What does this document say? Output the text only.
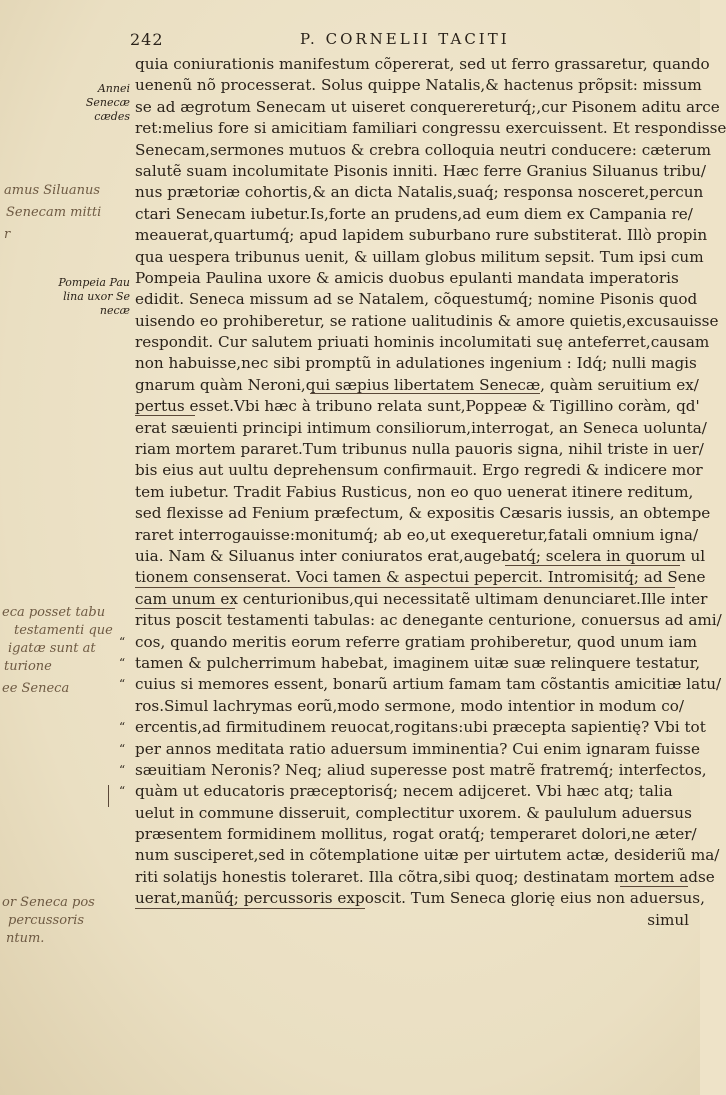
242	P. CORNELII TACITI
Annei Senecæ cædes
Pompeia Pau lina uxor Se necæ
amus Siluanus
Senecam mitti
r
eca posset tabu
testamenti que
igatæ sunt at
turione
ee Seneca
or Seneca pos
percussoris
ntum.
quia coniurationis manifestum cõpererat, sed ut ferro grassaretur, quando
uenenũ nõ processerat. Solus quippe Natalis,& hactenus prõpsit: missum
se ad ægrotum Senecam ut uiseret conquerereturq́;,cur Pisonem aditu arce
ret:melius fore si amicitiam familiari congressu exercuissent. Et respondisse
Senecam,sermones mutuos & crebra colloquia neutri conducere: cæterum
salutẽ suam incolumitate Pisonis inniti. Hæc ferre Granius Siluanus tribu/
nus prætoriæ cohortis,& an dicta Natalis,suaq́; responsa nosceret,percun
ctari Senecam iubetur.Is,forte an prudens,ad eum diem ex Campania re/
meauerat,quartumq́; apud lapidem suburbano rure substiterat. Illò propin
qua uespera tribunus uenit, & uillam globus militum sepsit. Tum ipsi cum
Pompeia Paulina uxore & amicis duobus epulanti mandata imperatoris
edidit. Seneca missum ad se Natalem, cõquestumq́; nomine Pisonis quod
uisendo eo prohiberetur, se ratione ualitudinis & amore quietis,excusauisse
respondit. Cur salutem priuati hominis incolumitati suę anteferret,causam
non habuisse,nec sibi promptũ in adulationes ingenium : Idq́; nulli magis
gnarum quàm Neroni,qui sæpius libertatem Senecæ, quàm seruitium ex/
pertus esset.Vbi hæc à tribuno relata sunt,Poppeæ & Tigillino coràm, qd'
erat sæuienti principi intimum consiliorum,interrogat, an Seneca uolunta/
riam mortem pararet.Tum tribunus nulla pauoris signa, nihil triste in uer/
bis eius aut uultu deprehensum confirmauit. Ergo regredi & indicere mor
tem iubetur. Tradit Fabius Rusticus, non eo quo uenerat itinere reditum,
sed flexisse ad Fenium præfectum, & expositis Cæsaris iussis, an obtempe
raret interrogauisse:monitumq́; ab eo,ut exequeretur,fatali omnium igna/
uia. Nam & Siluanus inter coniuratos erat,augebatq́; scelera in quorum ul
tionem consenserat. Voci tamen & aspectui pepercit. Intromisitq́; ad Sene
cam unum ex centurionibus,qui necessitatẽ ultimam denunciaret.Ille inter
ritus poscit testamenti tabulas: ac denegante centurione, conuersus ad ami/
“ cos, quando meritis eorum referre gratiam prohiberetur, quod unum iam
“ tamen & pulcherrimum habebat, imaginem uitæ suæ relinquere testatur,
“ cuius si memores essent, bonarũ artium famam tam cõstantis amicitiæ latu/
ros.Simul lachrymas eorũ,modo sermone, modo intentior in modum co/
“ ercentis,ad firmitudinem reuocat,rogitans:ubi præcepta sapientię? Vbi tot
“ per annos meditata ratio aduersum imminentia? Cui enim ignaram fuisse
“ sæuitiam Neronis? Neq; aliud superesse post matrẽ fratremq́; interfectos,
“ quàm ut educatoris præceptorisq́; necem adijceret. Vbi hæc atq; talia
uelut in commune disseruit, complectitur uxorem. & paululum aduersus
præsentem formidinem mollitus, rogat oratq́; temperaret dolori,ne æter/
num susciperet,sed in cõtemplatione uitæ per uirtutem actæ, desideriũ ma/
riti solatijs honestis toleraret. Illa cõtra,sibi quoq; destinatam mortem adse
uerat,manũq́; percussoris exposcit. Tum Seneca glorię eius non aduersus,
simul
